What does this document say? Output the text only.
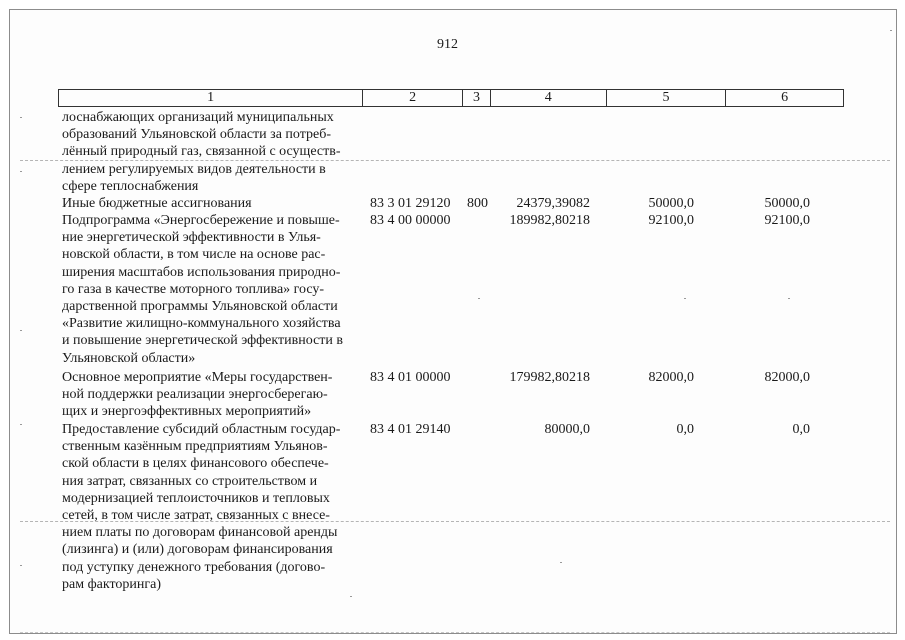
912
1	2	3	4	5	6
лоснабжающих организаций муниципальных
образований Ульяновской области за потреб-
лённый природный газ, связанной с осуществ-
лением регулируемых видов деятельности в
сфере теплоснабжения
Иные бюджетные ассигнования	83 3 01 29120 800	24379,39082	50000,0	50000,0
Подпрограмма «Энергосбережение и повыше-
ние энергетической эффективности в Улья-
новской области, в том числе на основе рас-
ширения масштабов использования природно-
го газа в качестве моторного топлива» госу-
дарственной программы Ульяновской области
«Развитие жилищно-коммунального хозяйства
и повышение энергетической эффективности в
Ульяновской области»
83 4 00 00000	189982,80218	92100,0	92100,0
Основное мероприятие «Меры государствен-
ной поддержки реализации энергосберегаю-
щих и энергоэффективных мероприятий»
83 4 01 00000	179982,80218	82000,0	82000,0
Предоставление субсидий областным государ-
ственным казённым предприятиям Ульянов-
ской области в целях финансового обеспече-
ния затрат, связанных со строительством и
модернизацией теплоисточников и тепловых
сетей, в том числе затрат, связанных с внесе-
нием платы по договорам финансовой аренды
(лизинга) и (или) договорам финансирования
под уступку денежного требования (догово-
рам факторинга)
83 4 01 29140	80000,0	0,0	0,0
